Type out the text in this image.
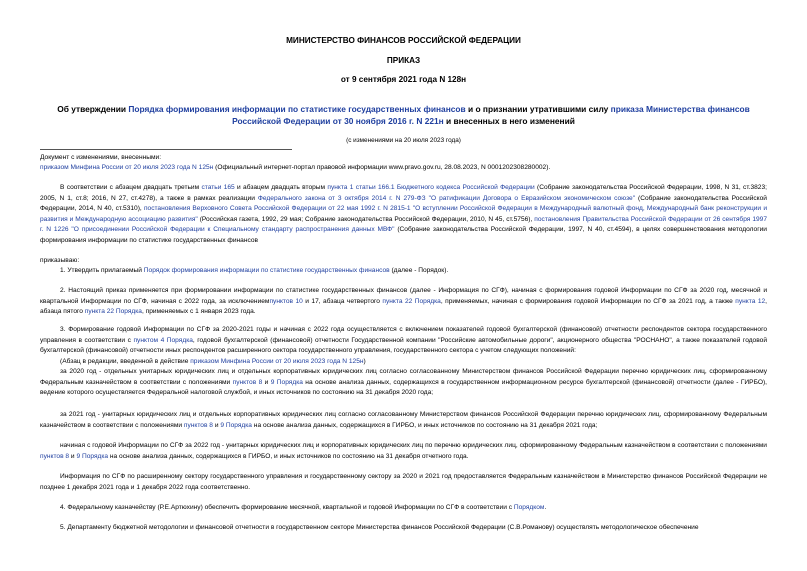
МИНИСТЕРСТВО ФИНАНСОВ РОССИЙСКОЙ ФЕДЕРАЦИИ
ПРИКАЗ
от 9 сентября 2021 года N 128н
Об утверждении Порядка формирования информации по статистике государственных финансов и о признании утратившими силу приказа Министерства финансов Российской Федерации от 30 ноября 2016 г. N 221н и внесенных в него изменений
(с изменениями на 20 июля 2023 года)
Документ с изменениями, внесенными:
приказом Минфина России от 20 июля 2023 года N 125н (Официальный интернет-портал правовой информации www.pravo.gov.ru, 28.08.2023, N 0001202308280002).
В соответствии с абзацем двадцать третьим статьи 165 и абзацем двадцать вторым пункта 1 статьи 166.1 Бюджетного кодекса Российской Федерации (Собрание законодательства Российской Федерации, 1998, N 31, ст.3823; 2005, N 1, ст.8; 2016, N 27, ст.4278), а также в рамках реализации Федерального закона от 3 октября 2014 г. N 279-ФЗ "О ратификации Договора о Евразийском экономическом союзе" (Собрание законодательства Российской Федерации, 2014, N 40, ст.5310), постановления Верховного Совета Российской Федерации от 22 мая 1992 г. N 2815-1 "О вступлении Российской Федерации в Международный валютный фонд, Международный банк реконструкции и развития и Международную ассоциацию развития" (Российская газета, 1992, 29 мая; Собрание законодательства Российской Федерации, 2010, N 45, ст.5756), постановления Правительства Российской Федерации от 26 сентября 1997 г. N 1226 "О присоединении Российской Федерации к Специальному стандарту распространения данных МВФ" (Собрание законодательства Российской Федерации, 1997, N 40, ст.4594), в целях совершенствования методологии формирования информации по статистике государственных финансов
приказываю:
1. Утвердить прилагаемый Порядок формирования информации по статистике государственных финансов (далее - Порядок).
2. Настоящий приказ применяется при формировании информации по статистике государственных финансов (далее - Информация по СГФ), начиная с формирования годовой Информации по СГФ за 2020 год, месячной и квартальной Информации по СГФ, начиная с 2022 года, за исключениемпунктов 10 и 17, абзаца четвертого пункта 22 Порядка, применяемых, начиная с формирования годовой Информации по СГФ за 2021 год, а также пункта 12, абзаца пятого пункта 22 Порядка, применяемых с 1 января 2023 года.
3. Формирование годовой Информации по СГФ за 2020-2021 годы и начиная с 2022 года осуществляется с включением показателей годовой бухгалтерской (финансовой) отчетности респондентов сектора государственного управления в соответствии с пунктом 4 Порядка, годовой бухгалтерской (финансовой) отчетности Государственной компании "Российские автомобильные дороги", акционерного общества "РОСНАНО", а также показателей годовой бухгалтерской (финансовой) отчетности иных респондентов расширенного сектора государственного управления, государственного сектора с учетом следующих положений:
(Абзац в редакции, введенной в действие приказом Минфина России от 20 июля 2023 года N 125н)
за 2020 год - отдельных унитарных юридических лиц и отдельных корпоративных юридических лиц согласно согласованному Министерством финансов Российской Федерации перечню юридических лиц, сформированному Федеральным казначейством в соответствии с положениями пунктов 8 и 9 Порядка на основе анализа данных, содержащихся в государственном информационном ресурсе бухгалтерской (финансовой) отчетности (далее - ГИРБО), ведение которого осуществляется Федеральной налоговой службой, и иных источников по состоянию на 31 декабря 2020 года;
за 2021 год - унитарных юридических лиц и отдельных корпоративных юридических лиц согласно согласованному Министерством финансов Российской Федерации перечню юридических лиц, сформированному Федеральным казначейством в соответствии с положениями пунктов 8 и 9 Порядка на основе анализа данных, содержащихся в ГИРБО, и иных источников по состоянию на 31 декабря 2021 года;
начиная с годовой Информации по СГФ за 2022 год - унитарных юридических лиц и корпоративных юридических лиц по перечню юридических лиц, сформированному Федеральным казначейством в соответствии с положениями пунктов 8 и 9 Порядка на основе анализа данных, содержащихся в ГИРБО, и иных источников по состоянию на 31 декабря отчетного года.
Информация по СГФ по расширенному сектору государственного управления и государственному сектору за 2020 и 2021 год предоставляется Федеральным казначейством в Министерство финансов Российской Федерации не позднее 1 декабря 2021 года и 1 декабря 2022 года соответственно.
4. Федеральному казначейству (Р.Е.Артюхину) обеспечить формирование месячной, квартальной и годовой Информации по СГФ в соответствии с Порядком.
5. Департаменту бюджетной методологии и финансовой отчетности в государственном секторе Министерства финансов Российской Федерации (С.В.Романову) осуществлять методологическое обеспечение
